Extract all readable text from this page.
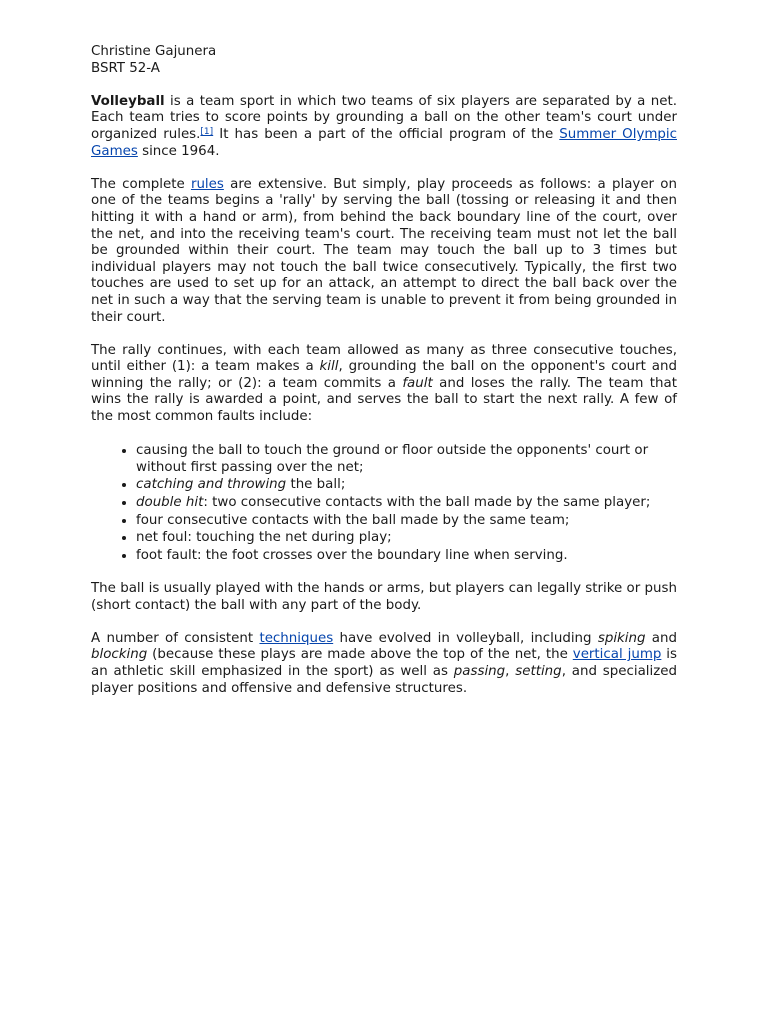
Christine Gajunera

BSRT 52-A

Volleyball is a team sport in which two teams of six players are separated by a net. Each team tries to score points by grounding a ball on the other team's court under organized rules.[1] It has been a part of the official program of the Summer Olympic Games since 1964.

The complete rules are extensive. But simply, play proceeds as follows: a player on one of the teams begins a 'rally' by serving the ball (tossing or releasing it and then hitting it with a hand or arm), from behind the back boundary line of the court, over the net, and into the receiving team's court. The receiving team must not let the ball be grounded within their court. The team may touch the ball up to 3 times but individual players may not touch the ball twice consecutively. Typically, the first two touches are used to set up for an attack, an attempt to direct the ball back over the net in such a way that the serving team is unable to prevent it from being grounded in their court.

The rally continues, with each team allowed as many as three consecutive touches, until either (1): a team makes a kill, grounding the ball on the opponent's court and winning the rally; or (2): a team commits a fault and loses the rally. The team that wins the rally is awarded a point, and serves the ball to start the next rally. A few of the most common faults include:

• causing the ball to touch the ground or floor outside the opponents' court or without first passing over the net;
• catching and throwing the ball;
• double hit: two consecutive contacts with the ball made by the same player;
• four consecutive contacts with the ball made by the same team;
• net foul: touching the net during play;
• foot fault: the foot crosses over the boundary line when serving.

The ball is usually played with the hands or arms, but players can legally strike or push (short contact) the ball with any part of the body.

A number of consistent techniques have evolved in volleyball, including spiking and blocking (because these plays are made above the top of the net, the vertical jump is an athletic skill emphasized in the sport) as well as passing, setting, and specialized player positions and offensive and defensive structures.
